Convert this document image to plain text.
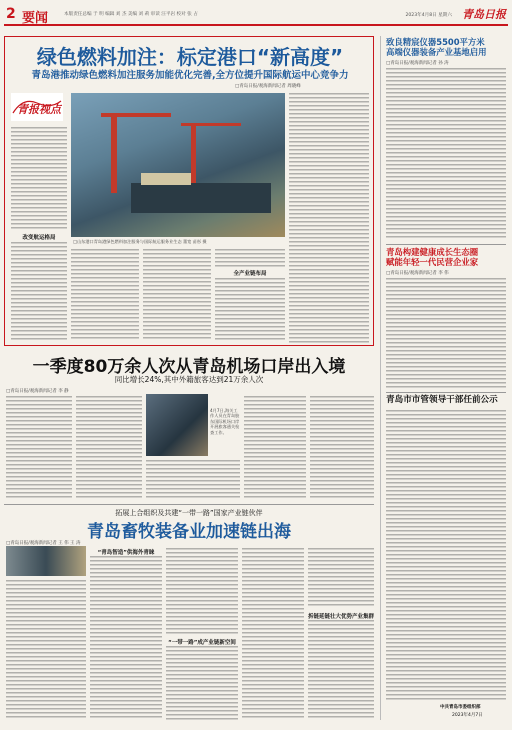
2 要闻	本版责任总编 于 明 编辑 刘 杰 美编 刘 莉 审读 汪平岩 校对 张 占	2023年4月8日 星期六 青岛日报
绿色燃料加注：标定港口“新高度”
青岛港推动绿色燃料加注服务加能优化完善,全方位提升国际航运中心竞争力
□青岛日报/观海新闻记者 周晓峰
青报视点
改变航运格局
□山东港口青岛港绿色燃料加注服务与国际航运服务业生态 董宽 苗彤 摄
全产业链布局
一季度80万余人次从青岛机场口岸出入境
同比增长24%,其中外籍旅客达到21万余人次
□青岛日报/观海新闻记者 李 静
4月7日,海关工作人员在青岛胶东国际机场口岸开展旅客通关检查工作。
拓展上合组织及共建“一带一路”国家产业链伙伴
青岛畜牧装备业加速链出海
□青岛日报/观海新闻记者 王 伟 王 涛
“青岛智造”供海外青睐
“一带一路”成产业链新空间
拆链延链壮大优势产业集群
致良精宸仪器5500平方米
高端仪器装备产业基地启用
□青岛日报/观海新闻记者 孙 涛
青岛构建健康成长生态圈
赋能年轻一代民营企业家
□青岛日报/观海新闻记者 李 伟
青岛市市管领导干部任前公示
中共青岛市委组织部
2023年4月7日
